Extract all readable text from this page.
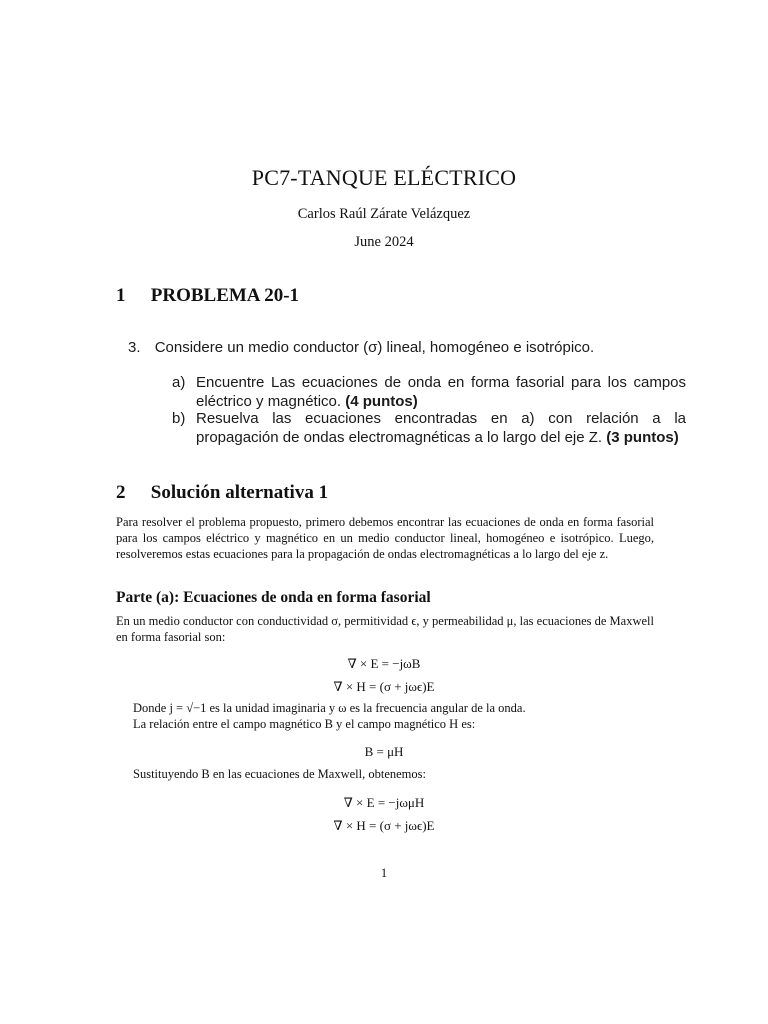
PC7-TANQUE ELÉCTRICO
Carlos Raúl Zárate Velázquez
June 2024
1 PROBLEMA 20-1
3. Considere un medio conductor (σ) lineal, homogéneo e isotrópico.
a) Encuentre Las ecuaciones de onda en forma fasorial para los campos eléctrico y magnético. (4 puntos)
b) Resuelva las ecuaciones encontradas en a) con relación a la propagación de ondas electromagnéticas a lo largo del eje Z. (3 puntos)
2 Solución alternativa 1
Para resolver el problema propuesto, primero debemos encontrar las ecuaciones de onda en forma fasorial para los campos eléctrico y magnético en un medio conductor lineal, homogéneo e isotrópico. Luego, resolveremos estas ecuaciones para la propagación de ondas electromagnéticas a lo largo del eje z.
Parte (a): Ecuaciones de onda en forma fasorial
En un medio conductor con conductividad σ, permitividad ϵ, y permeabilidad μ, las ecuaciones de Maxwell en forma fasorial son:
∇ × E = −jωB
∇ × H = (σ + jωϵ)E
Donde j = √−1 es la unidad imaginaria y ω es la frecuencia angular de la onda.
La relación entre el campo magnético B y el campo magnético H es:
B = μH
Sustituyendo B en las ecuaciones de Maxwell, obtenemos:
∇ × E = −jωμH
∇ × H = (σ + jωϵ)E
1
